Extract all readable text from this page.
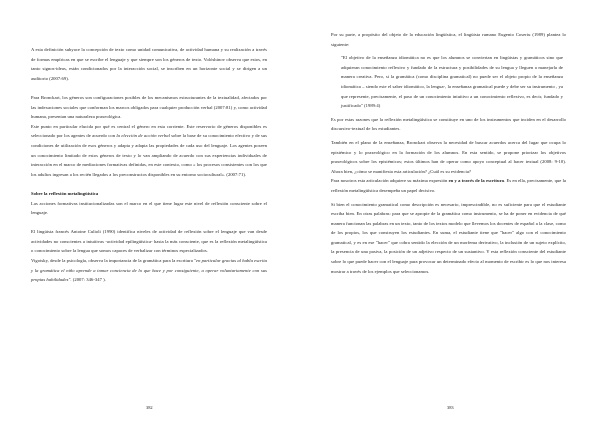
A esta definición subyace la concepción de texto como unidad comunicativa, de actividad humana y su realización a través de formas empíricas en que se escribe el lenguaje y que siempre son los géneros de texto. Volóshinov observa que estos, en tanto signos-ideas, están condicionados por la interacción social, se inscriben en un horizonte social y se dirigen a un auditorio (2007:69).

Para Bronckart, los géneros son configuraciones posibles de los mecanismos estructurantes de la textualidad, afectados por las indexaciones sociales que conforman los marcos obligados para cualquier producción verbal (2007:81) y, como actividad humana, presentan una naturaleza praxeológica.

Este punto en particular elucida por qué es central el género en esta corriente. Este reservorio de géneros disponibles es seleccionado por los agentes de acuerdo con la elección de acción verbal sobre la base de su conocimiento efectivo y de sus condiciones de utilización de esos géneros y adapta y adapta las propiedades de cada uso del lenguaje. Los agentes poseen un conocimiento limitado de estos géneros de texto y lo van ampliando de acuerdo con sus experiencias individuales de interacción en el marco de mediaciones formativas definidas, en este contexto, como « los procesos consistentes con los que los adultos ingresan a los recién llegados a los preconstructos disponibles en su entorno sociocultural». (2007:71).

Sobre la reflexión metalingüística

Las acciones formativas institucionalizadas son el marco en el que tiene lugar este nivel de reflexión consciente sobre el lenguaje.

El lingüista francés Antoine Culioli (1990) identifica niveles de actividad de reflexión sobre el lenguaje que van desde actividades no conscientes a intuitivas -actividad epilingüística- hasta la más consciente, que es la reflexión metalingüística o conocimiento sobre la lengua que somos capaces de verbalizar con términos especializados.

Vigotsky, desde la psicología, observa la importancia de la gramática para la escritura "en particular gracias al habla escrita y la gramática el niño aprende a tomar conciencia de lo que hace y por consiguiente, a operar voluntariamente con sus propias habilidades". (2007: 346-347 ).

382

Por su parte, a propósito del objeto de la educación lingüística, el lingüista rumano Eugenio Coseriu (1989) plantea lo siguiente:

"El objetivo de la enseñanza idiomática no es que los alumnos se conviertan en lingüistas y gramáticos sino que adquieran conocimiento reflexivo y fundado de la estructura y posibilidades de su lengua y lleguen a manejarla de manera creativa. Pero, si la gramática (como disciplina gramatical) no puede ser el objeto propio de la enseñanza idiomática – siendo este el saber idiomático, la lengua-, la enseñanza gramatical puede y debe ser su instrumento , ya que represente, precisamente, el paso de un conocimiento intuitivo a un conocimiento reflexivo, es decir, fundado y justificado" (1989:4)

Es por estas razones que la reflexión metalingüística se constituye en uno de los instrumentos que inciden en el desarrollo discursivo-textual de los estudiantes.

También en el plano de la enseñanza, Bronckart observa la necesidad de buscar acuerdos acerca del lugar que ocupa lo epistémico y lo praxeológico en la formación de los alumnos. En esta sentido, se propone priorizar los objetivos praxeológicos sobre los epistémicos; estos últimos han de operar como apoyo conceptual al hacer textual (2008: 9-10). Ahora bien, ¿cómo se manifiesta esta articulación? ¿Cuál es su evidencia?

Para nosotros esta articulación adquiere su máxima expresión en y a través de la escritura. Es en ella, precisamente, que la reflexión metalingüística desempeña un papel decisivo.

Si bien el conocimiento gramatical como descripción es necesario, imprescindible, no es suficiente para que el estudiante escriba bien. En otras palabras: para que se apropie de la gramática como instrumento, se ha de poner en evidencia de qué manera funcionan las palabras en un texto, tanto de los textos modelo que llevemos los docentes de español a la clase, como de los propios, los que construyen los estudiantes. En suma, el estudiante tiene que "hacer" algo con el conocimiento gramatical, y es en ese "hacer" que cobra sentido la elección de un morfema derivativo, la inclusión de un sujeto explícito, la presencia de una pasiva, la posición de un adjetivo respecto de un sustantivo. Y esta reflexión consciente del estudiante sobre lo que puede hacer con el lenguaje para provocar un determinado efecto al momento de escribir es lo que nos interesa mostrar a través de los ejemplos que seleccionamos.

383
